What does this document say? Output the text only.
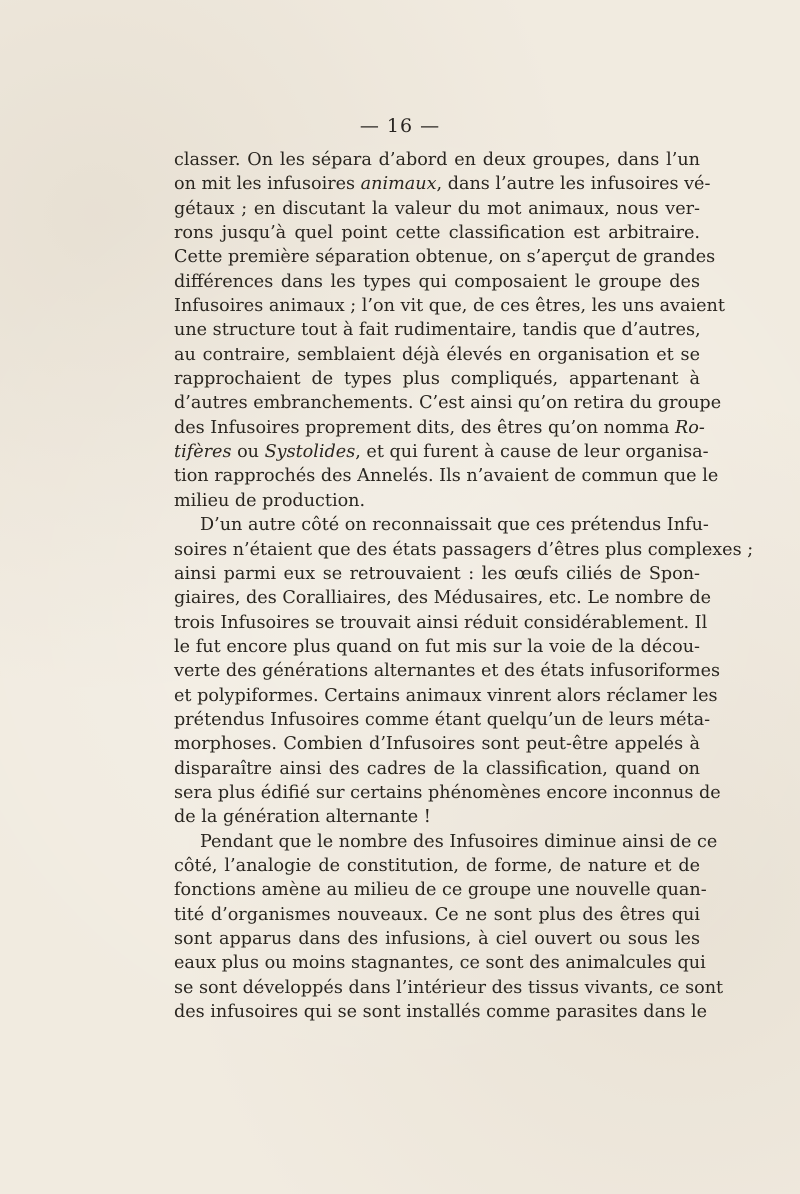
— 16 —
classer. On les sépara d’abord en deux groupes, dans l’un
on mit les infusoires animaux, dans l’autre les infusoires vé-
gétaux ; en discutant la valeur du mot animaux, nous ver-
rons jusqu’à quel point cette classification est arbitraire.
Cette première séparation obtenue, on s’aperçut de grandes
différences dans les types qui composaient le groupe des
Infusoires animaux ; l’on vit que, de ces êtres, les uns avaient
une structure tout à fait rudimentaire, tandis que d’autres,
au contraire, semblaient déjà élevés en organisation et se
rapprochaient de types plus compliqués, appartenant à
d’autres embranchements. C’est ainsi qu’on retira du groupe
des Infusoires proprement dits, des êtres qu’on nomma Ro-
tifères ou Systolides, et qui furent à cause de leur organisa-
tion rapprochés des Annelés. Ils n’avaient de commun que le
milieu de production.
D’un autre côté on reconnaissait que ces prétendus Infu-
soires n’étaient que des états passagers d’êtres plus complexes ;
ainsi parmi eux se retrouvaient : les œufs ciliés de Spon-
giaires, des Coralliaires, des Médusaires, etc. Le nombre de
trois Infusoires se trouvait ainsi réduit considérablement. Il
le fut encore plus quand on fut mis sur la voie de la décou-
verte des générations alternantes et des états infusoriformes
et polypiformes. Certains animaux vinrent alors réclamer les
prétendus Infusoires comme étant quelqu’un de leurs méta-
morphoses. Combien d’Infusoires sont peut-être appelés à
disparaître ainsi des cadres de la classification, quand on
sera plus édifié sur certains phénomènes encore inconnus de
de la génération alternante !
Pendant que le nombre des Infusoires diminue ainsi de ce
côté, l’analogie de constitution, de forme, de nature et de
fonctions amène au milieu de ce groupe une nouvelle quan-
tité d’organismes nouveaux. Ce ne sont plus des êtres qui
sont apparus dans des infusions, à ciel ouvert ou sous les
eaux plus ou moins stagnantes, ce sont des animalcules qui
se sont développés dans l’intérieur des tissus vivants, ce sont
des infusoires qui se sont installés comme parasites dans le
